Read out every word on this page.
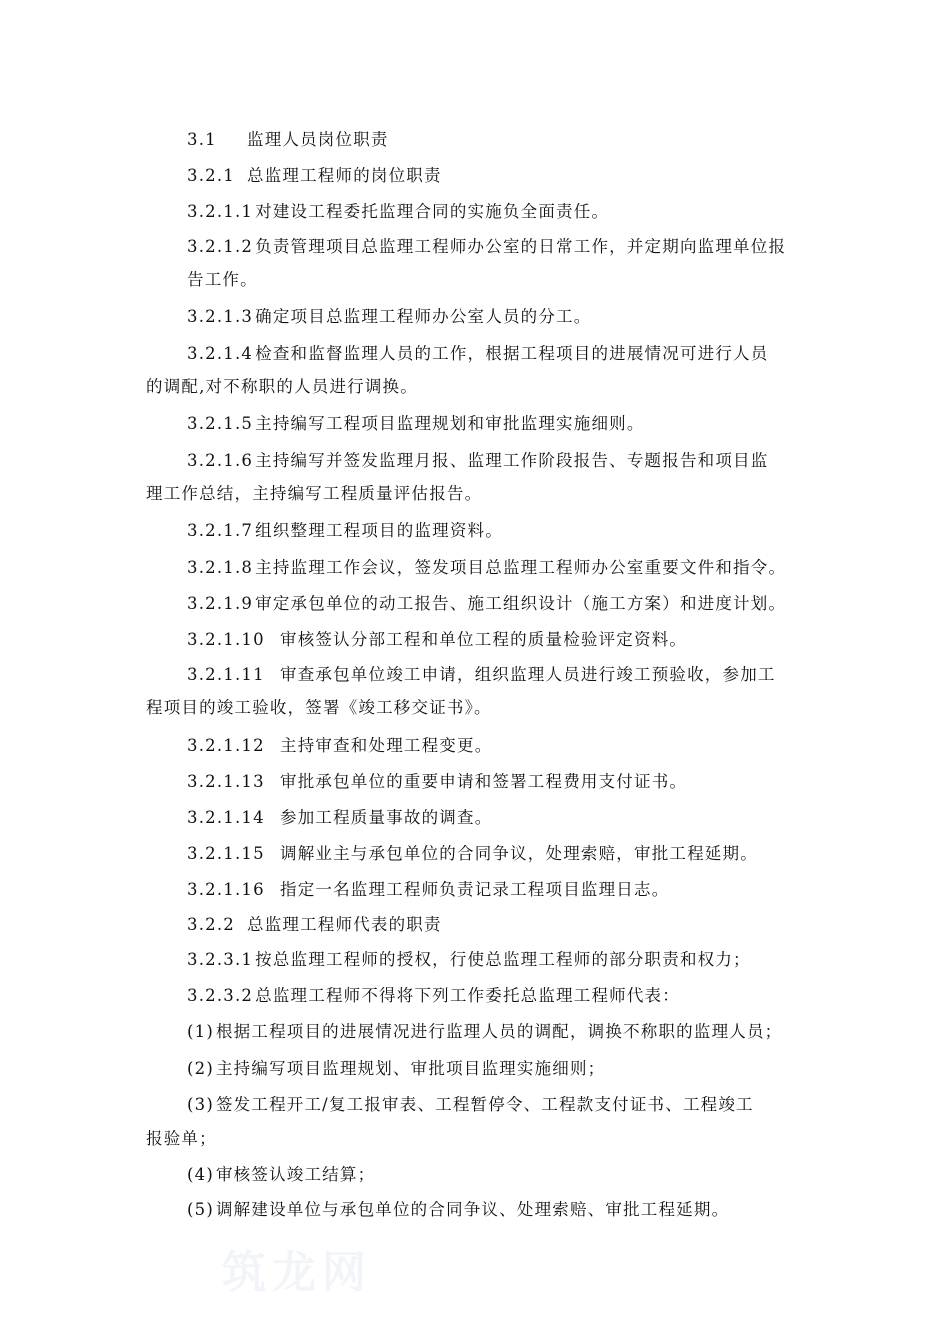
3.1 监理人员岗位职责
3.2.1 总监理工程师的岗位职责
3.2.1.1 对建设工程委托监理合同的实施负全面责任。
3.2.1.2 负责管理项目总监理工程师办公室的日常工作，并定期向监理单位报
告工作。
3.2.1.3 确定项目总监理工程师办公室人员的分工。
3.2.1.4 检查和监督监理人员的工作，根据工程项目的进展情况可进行人员
的调配,对不称职的人员进行调换。
3.2.1.5 主持编写工程项目监理规划和审批监理实施细则。
3.2.1.6 主持编写并签发监理月报、监理工作阶段报告、专题报告和项目监
理工作总结，主持编写工程质量评估报告。
3.2.1.7 组织整理工程项目的监理资料。
3.2.1.8 主持监理工作会议，签发项目总监理工程师办公室重要文件和指令。
3.2.1.9 审定承包单位的动工报告、施工组织设计（施工方案）和进度计划。
3.2.1.10 审核签认分部工程和单位工程的质量检验评定资料。
3.2.1.11 审查承包单位竣工申请，组织监理人员进行竣工预验收，参加工
程项目的竣工验收，签署《竣工移交证书》。
3.2.1.12 主持审查和处理工程变更。
3.2.1.13 审批承包单位的重要申请和签署工程费用支付证书。
3.2.1.14 参加工程质量事故的调查。
3.2.1.15 调解业主与承包单位的合同争议，处理索赔，审批工程延期。
3.2.1.16 指定一名监理工程师负责记录工程项目监理日志。
3.2.2 总监理工程师代表的职责
3.2.3.1 按总监理工程师的授权，行使总监理工程师的部分职责和权力；
3.2.3.2 总监理工程师不得将下列工作委托总监理工程师代表：
(1) 根据工程项目的进展情况进行监理人员的调配，调换不称职的监理人员；
(2) 主持编写项目监理规划、审批项目监理实施细则；
(3) 签发工程开工/复工报审表、工程暂停令、工程款支付证书、工程竣工
报验单；
(4) 审核签认竣工结算；
(5) 调解建设单位与承包单位的合同争议、处理索赔、审批工程延期。
筑龙网
